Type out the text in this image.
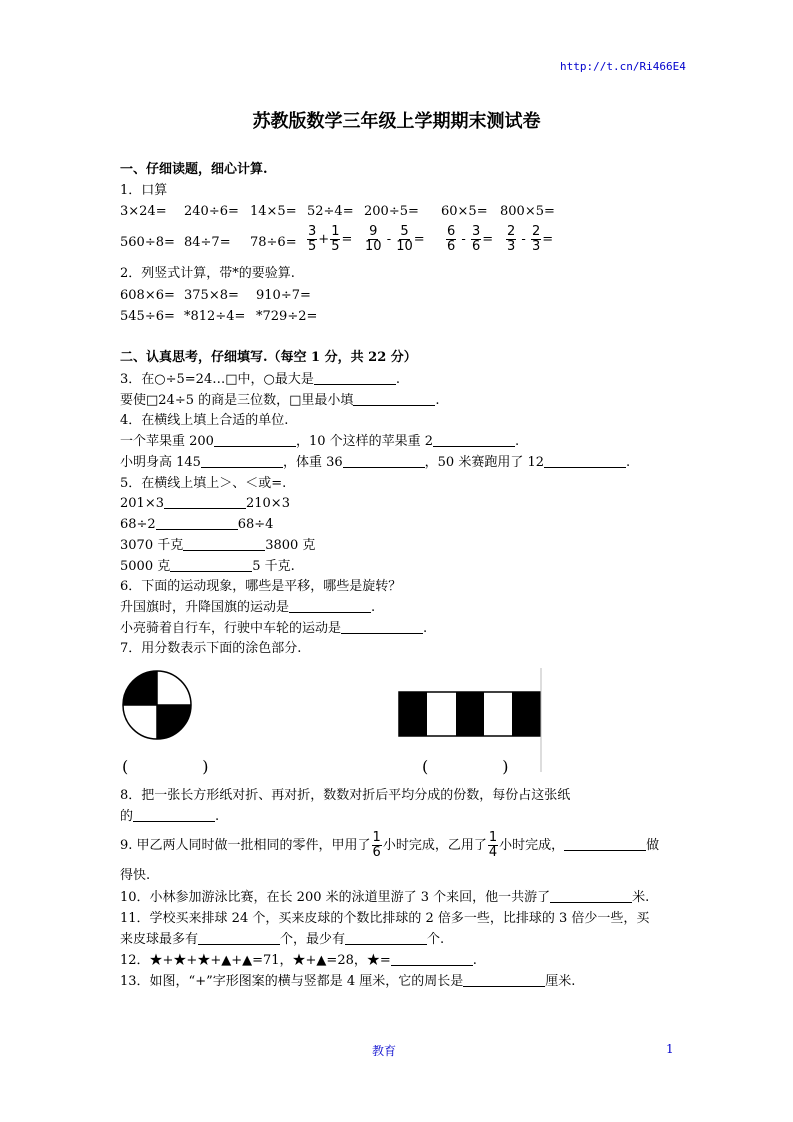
http://t.cn/Ri466E4
苏教版数学三年级上学期期末测试卷
一、仔细读题，细心计算.
1．口算
3×24= 240÷6= 14×5= 52÷4= 200÷5= 60×5= 800×5=
$560\div 8= 84\div 7= 78\div 6= \frac{3}{5} + \frac{1}{5} = \frac{9}{10} - \frac{5}{10} = \frac{6}{6} - \frac{3}{6} = \frac{2}{3} - \frac{2}{3}$ =
2．列竖式计算，带*的要验算.
608×6= 375×8= 910÷7=
545÷6= *812÷4= *729÷2=
二、认真思考，仔细填写.（每空 1 分，共 22 分）
3．在○÷5=24…□中，○最大是	.
要使□24÷5 的商是三位数，□里最小填	.
4．在横线上填上合适的单位.
一个苹果重 200	，10 个这样的苹果重 2	.
小明身高 145	，体重 36	，50 米赛跑用了 12	.
5．在横线上填上＞、＜或=.
201×3	210×3
68÷2	68÷4
3070 千克	3800 克
5000 克	5 千克.
6．下面的运动现象，哪些是平移，哪些是旋转？
升国旗时，升降国旗的运动是	.
小亮骑着自行车，行驶中车轮的运动是	.
7．用分数表示下面的涂色部分.
(	)	(	)
8．把一张长方形纸对折、再对折，数数对折后平均分成的份数，每份占这张纸
的	.
9. 甲乙两人同时做一批相同的零件，甲用了 $\frac{1}{6}$ 小时完成，乙用了 $\frac{1}{4}$ 小时完成，	做
得快.
10．小林参加游泳比赛，在长 200 米的泳道里游了 3 个来回，他一共游了	米.
11．学校买来排球 24 个，买来皮球的个数比排球的 2 倍多一些，比排球的 3 倍少一些，买
来皮球最多有	个，最少有	个.
12．★+★+★+▲+▲=71，★+▲=28，★=	.
13．如图，“+”字形图案的横与竖都是 4 厘米，它的周长是	厘米.
教育	1
